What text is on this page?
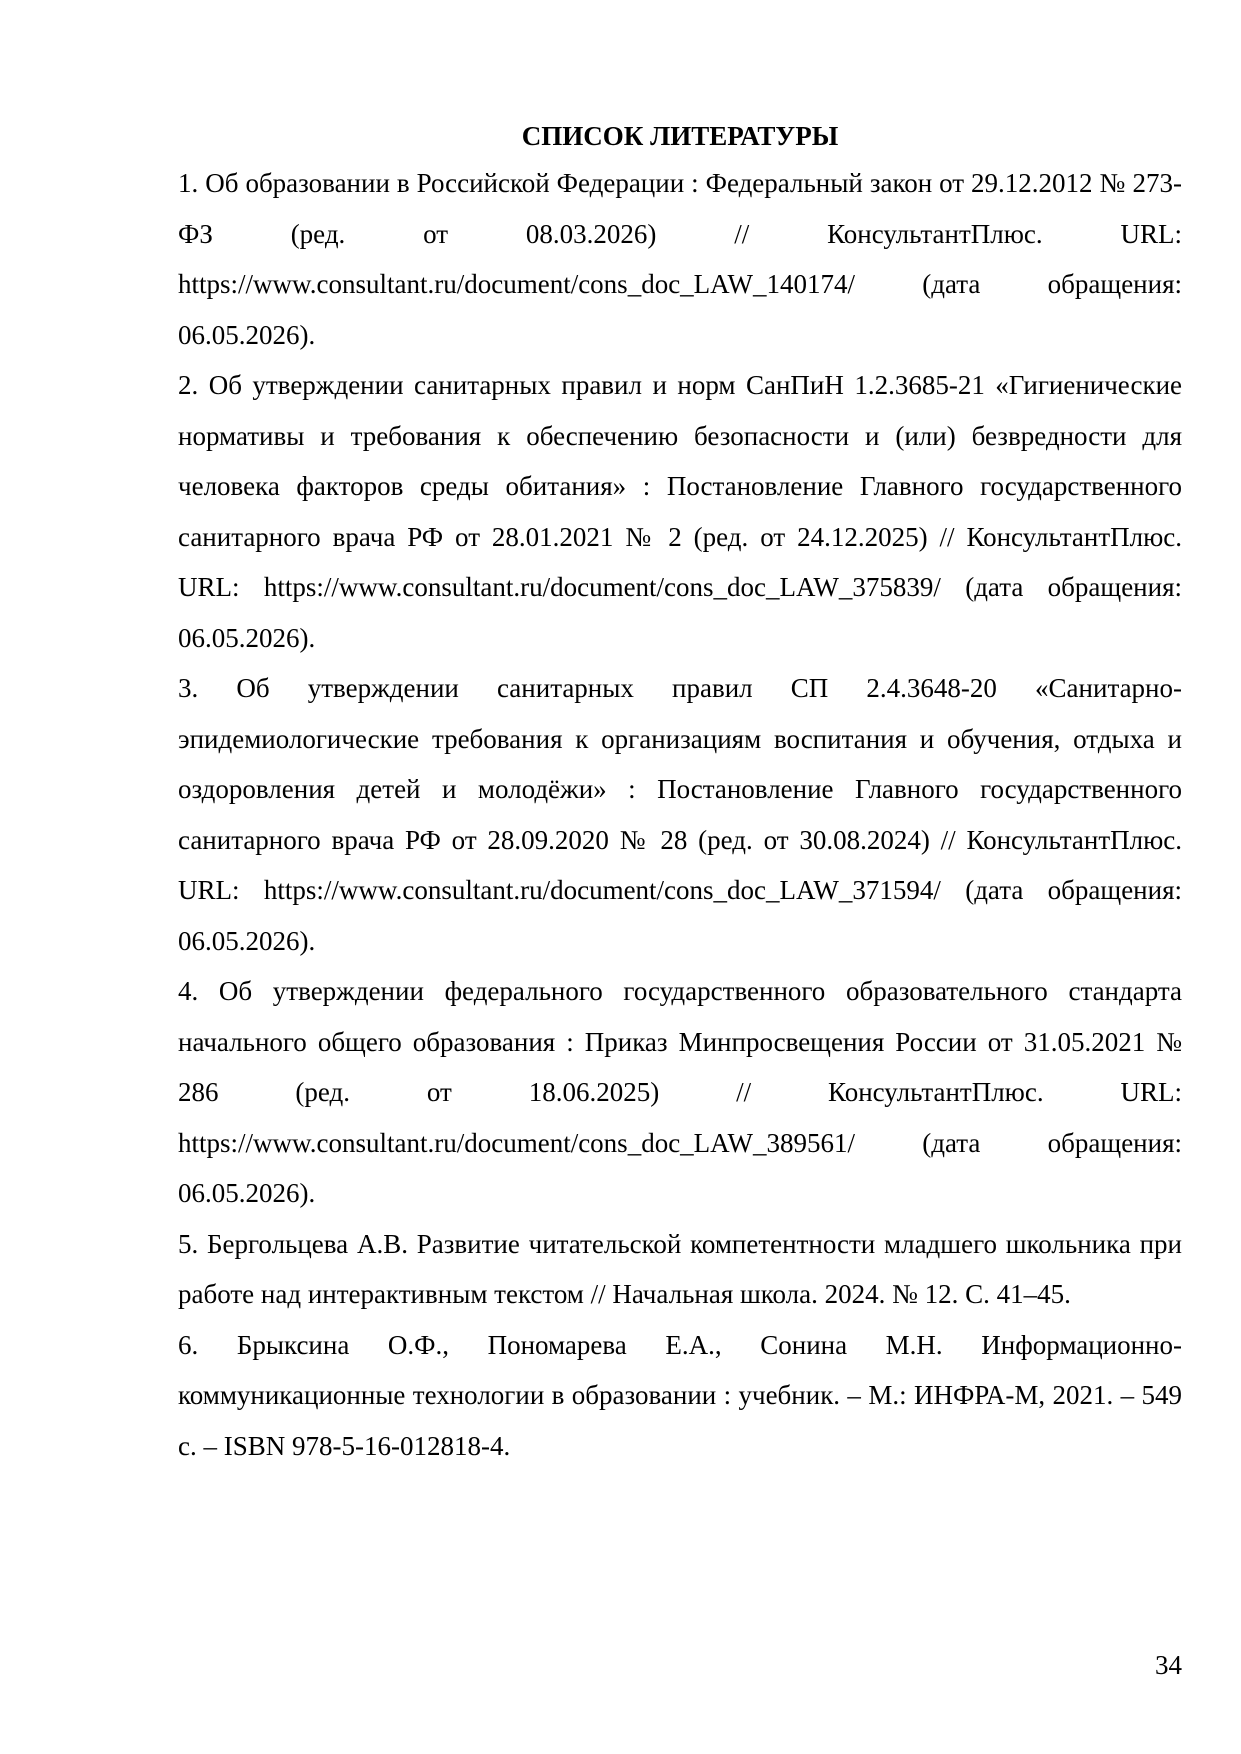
СПИСОК ЛИТЕРАТУРЫ

1. Об образовании в Российской Федерации : Федеральный закон от 29.12.2012 № 273-ФЗ (ред. от 08.03.2026) // КонсультантПлюс. URL: https://www.consultant.ru/document/cons_doc_LAW_140174/ (дата обращения: 06.05.2026).

2. Об утверждении санитарных правил и норм СанПиН 1.2.3685-21 «Гигиенические нормативы и требования к обеспечению безопасности и (или) безвредности для человека факторов среды обитания» : Постановление Главного государственного санитарного врача РФ от 28.01.2021 № 2 (ред. от 24.12.2025) // КонсультантПлюс. URL: https://www.consultant.ru/document/cons_doc_LAW_375839/ (дата обращения: 06.05.2026).

3. Об утверждении санитарных правил СП 2.4.3648-20 «Санитарно-эпидемиологические требования к организациям воспитания и обучения, отдыха и оздоровления детей и молодёжи» : Постановление Главного государственного санитарного врача РФ от 28.09.2020 № 28 (ред. от 30.08.2024) // КонсультантПлюс. URL: https://www.consultant.ru/document/cons_doc_LAW_371594/ (дата обращения: 06.05.2026).

4. Об утверждении федерального государственного образовательного стандарта начального общего образования : Приказ Минпросвещения России от 31.05.2021 № 286 (ред. от 18.06.2025) // КонсультантПлюс. URL: https://www.consultant.ru/document/cons_doc_LAW_389561/ (дата обращения: 06.05.2026).

5. Бергольцева А.В. Развитие читательской компетентности младшего школьника при работе над интерактивным текстом // Начальная школа. 2024. № 12. С. 41–45.

6. Брыксина О.Ф., Пономарева Е.А., Сонина М.Н. Информационно-коммуникационные технологии в образовании : учебник. – М.: ИНФРА-М, 2021. – 549 с. – ISBN 978-5-16-012818-4.

34
